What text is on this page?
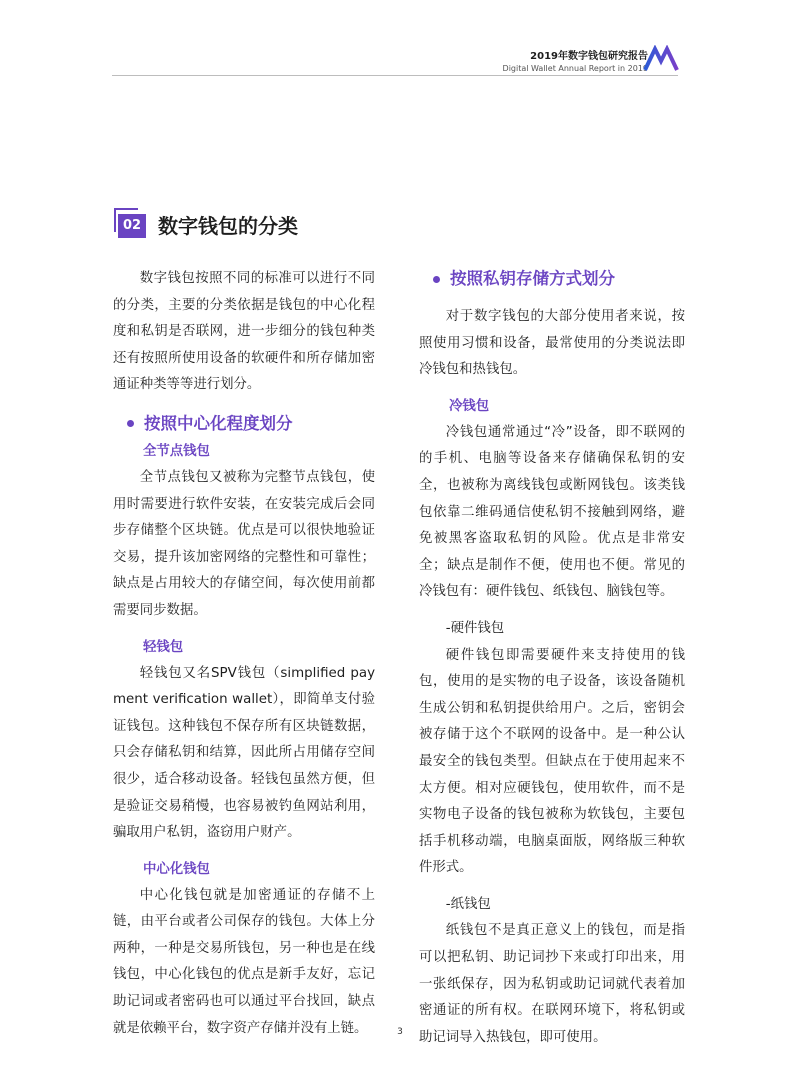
2019年数字钱包研究报告

Digital Wallet Annual Report in 2019

02 数字钱包的分类

数字钱包按照不同的标准可以进行不同的分类，主要的分类依据是钱包的中心化程度和私钥是否联网，进一步细分的钱包种类还有按照所使用设备的软硬件和所存储加密通证种类等等进行划分。

按照中心化程度划分
全节点钱包

全节点钱包又被称为完整节点钱包，使用时需要进行软件安装，在安装完成后会同步存储整个区块链。优点是可以很快地验证交易，提升该加密网络的完整性和可靠性；缺点是占用较大的存储空间，每次使用前都需要同步数据。

轻钱包

轻钱包又名SPV钱包（simplified payment verification wallet），即简单支付验证钱包。这种钱包不保存所有区块链数据，只会存储私钥和结算，因此所占用储存空间很少，适合移动设备。轻钱包虽然方便，但是验证交易稍慢，也容易被钓鱼网站利用，骗取用户私钥，盗窃用户财产。

中心化钱包

中心化钱包就是加密通证的存储不上链，由平台或者公司保存的钱包。大体上分两种，一种是交易所钱包，另一种也是在线钱包，中心化钱包的优点是新手友好，忘记助记词或者密码也可以通过平台找回，缺点就是依赖平台，数字资产存储并没有上链。

按照私钥存储方式划分

对于数字钱包的大部分使用者来说，按照使用习惯和设备，最常使用的分类说法即冷钱包和热钱包。

冷钱包

冷钱包通常通过“冷”设备，即不联网的的手机、电脑等设备来存储确保私钥的安全，也被称为离线钱包或断网钱包。该类钱包依靠二维码通信使私钥不接触到网络，避免被黑客盗取私钥的风险。优点是非常安全；缺点是制作不便，使用也不便。常见的冷钱包有：硬件钱包、纸钱包、脑钱包等。

-硬件钱包

硬件钱包即需要硬件来支持使用的钱包，使用的是实物的电子设备，该设备随机生成公钥和私钥提供给用户。之后，密钥会被存储于这个不联网的设备中。是一种公认最安全的钱包类型。但缺点在于使用起来不太方便。相对应硬钱包，使用软件，而不是实物电子设备的钱包被称为软钱包，主要包括手机移动端，电脑桌面版，网络版三种软件形式。

-纸钱包

纸钱包不是真正意义上的钱包，而是指可以把私钥、助记词抄下来或打印出来，用一张纸保存，因为私钥或助记词就代表着加密通证的所有权。在联网环境下，将私钥或助记词导入热钱包，即可使用。

3
